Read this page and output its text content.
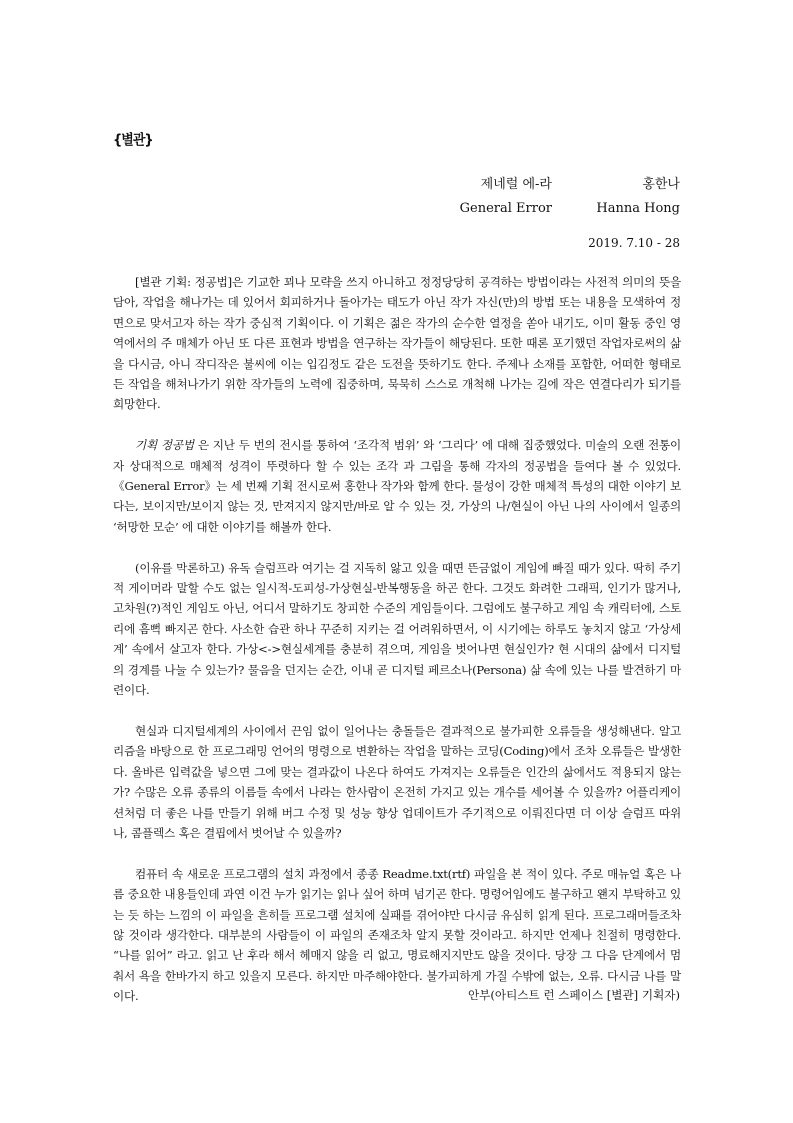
{별관}
제네럴 에-라	홍한나
General Error	Hanna Hong
2019. 7.10 - 28

[별관 기획: 정공법]은 기교한 꾀나 모략을 쓰지 아니하고 정정당당히 공격하는 방법이라는 사전적 의미의 뜻을 담아, 작업을 해나가는 데 있어서 회피하거나 돌아가는 태도가 아닌 작가 자신(만)의 방법 또는 내용을 모색하여 정면으로 맞서고자 하는 작가 중심적 기획이다. 이 기획은 젊은 작가의 순수한 열정을 쏟아 내기도, 이미 활동 중인 영역에서의 주 매체가 아닌 또 다른 표현과 방법을 연구하는 작가들이 해당된다. 또한 때론 포기했던 작업자로써의 삶을 다시금, 아니 작디작은 불씨에 이는 입김정도 같은 도전을 뜻하기도 한다. 주제나 소재를 포함한, 어떠한 형태로든 작업을 해쳐나가기 위한 작가들의 노력에 집중하며, 묵묵히 스스로 개척해 나가는 길에 작은 연결다리가 되기를 희망한다.

기획 정공법 은 지난 두 번의 전시를 통하여 ‘조각적 범위’ 와 ‘그리다’ 에 대해 집중했었다. 미술의 오랜 전통이자 상대적으로 매체적 성격이 뚜렷하다 할 수 있는 조각 과 그림을 통해 각자의 정공법을 들여다 볼 수 있었다. 《General Error》는 세 번째 기획 전시로써 홍한나 작가와 함께 한다. 물성이 강한 매체적 특성의 대한 이야기 보다는, 보이지만/보이지 않는 것, 만져지지 않지만/바로 알 수 있는 것, 가상의 나/현실이 아닌 나의 사이에서 일종의 ‘허망한 모순’ 에 대한 이야기를 해볼까 한다.

(이유를 막론하고) 유독 슬럼프라 여기는 걸 지독히 앓고 있을 때면 뜬금없이 게임에 빠질 때가 있다. 딱히 주기적 게이머라 말할 수도 없는 일시적-도피성-가상현실-반복행동을 하곤 한다. 그것도 화려한 그래픽, 인기가 많거나, 고차원(?)적인 게임도 아닌, 어디서 말하기도 창피한 수준의 게임들이다. 그럼에도 불구하고 게임 속 캐릭터에, 스토리에 흠뻑 빠지곤 한다. 사소한 습관 하나 꾸준히 지키는 걸 어려워하면서, 이 시기에는 하루도 놓치지 않고 ‘가상세계’ 속에서 살고자 한다. 가상<->현실세계를 충분히 겪으며, 게임을 벗어나면 현실인가? 현 시대의 삶에서 디지털의 경계를 나눌 수 있는가? 물음을 던지는 순간, 이내 곧 디지털 페르소나(Persona) 삶 속에 있는 나를 발견하기 마련이다.

현실과 디지털세계의 사이에서 끈임 없이 일어나는 충돌들은 결과적으로 불가피한 오류들을 생성해낸다. 알고리즘을 바탕으로 한 프로그래밍 언어의 명령으로 변환하는 작업을 말하는 코딩(Coding)에서 조차 오류들은 발생한다. 올바른 입력값을 넣으면 그에 맞는 결과값이 나온다 하여도 가져지는 오류들은 인간의 삶에서도 적용되지 않는가? 수많은 오류 종류의 이름들 속에서 나라는 한사람이 온전히 가지고 있는 개수를 세어볼 수 있을까? 어플리케이션처럼 더 좋은 나를 만들기 위해 버그 수정 및 성능 향상 업데이트가 주기적으로 이뤄진다면 더 이상 슬럼프 따위나, 콤플렉스 혹은 결핍에서 벗어날 수 있을까?

컴퓨터 속 새로운 프로그램의 설치 과정에서 종종 Readme.txt(rtf) 파일을 본 적이 있다. 주로 매뉴얼 혹은 나름 중요한 내용들인데 과연 이건 누가 읽기는 읽나 싶어 하며 넘기곤 한다. 명령어임에도 불구하고 왠지 부탁하고 있는 듯 하는 느낌의 이 파일을 흔히들 프로그램 설치에 실패를 겪어야만 다시금 유심히 읽게 된다. 프로그래머들조차 않 것이라 생각한다. 대부분의 사람들이 이 파일의 존재조차 알지 못할 것이라고. 하지만 언제나 친절히 명령한다. “나를 읽어” 라고. 읽고 난 후라 해서 헤매지 않을 리 없고, 명료해지지만도 않을 것이다. 당장 그 다음 단계에서 멈춰서 욕을 한바가지 하고 있을지 모른다. 하지만 마주해야한다. 불가피하게 가질 수밖에 없는, 오류. 다시금 나를 말이다.	안부(아티스트 런 스페이스 [별관] 기획자)
